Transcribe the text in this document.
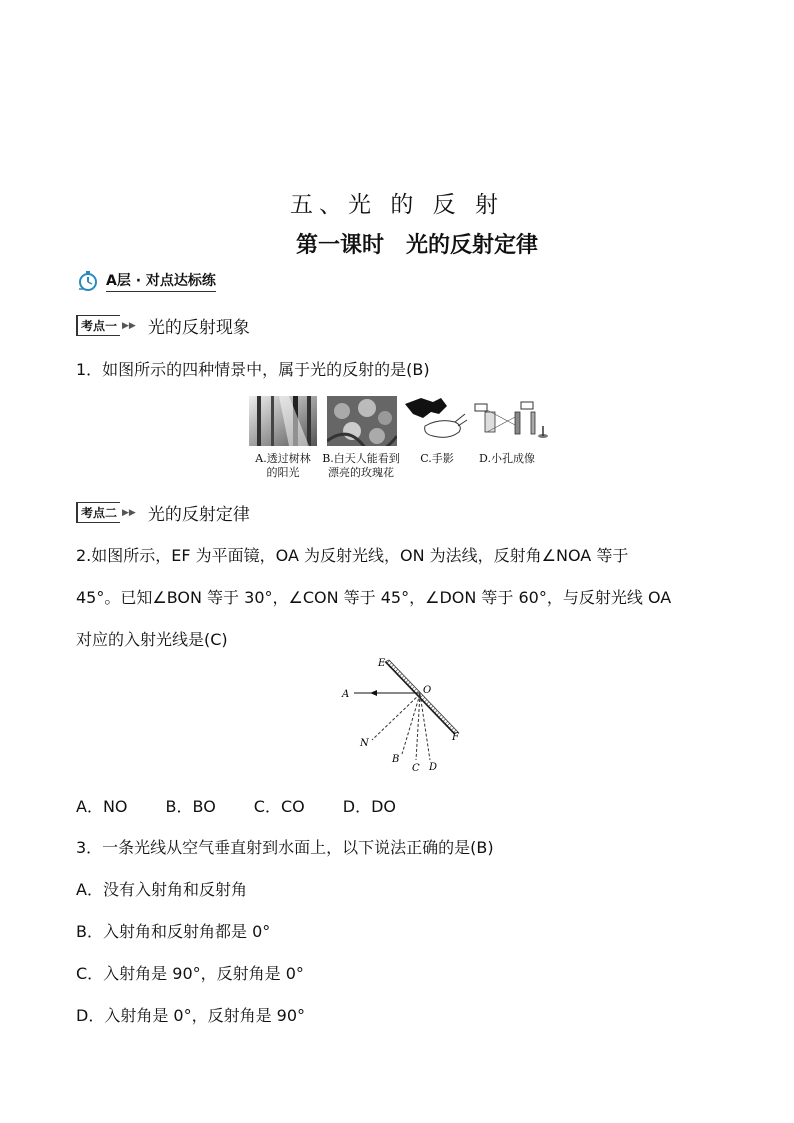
五、光 的 反 射
第一课时 光的反射定律
A层 · 对点达标练
考点一 ▶▶ 光的反射现象
1．如图所示的四种情景中，属于光的反射的是(B)
A.透过树林
的阳光
B.白天人能看到
漂亮的玫瑰花
C.手影	D.小孔成像
考点二 ▶▶ 光的反射定律
2.如图所示，EF 为平面镜，OA 为反射光线，ON 为法线，反射角∠NOA 等于
45°。已知∠BON 等于 30°，∠CON 等于 45°，∠DON 等于 60°，与反射光线 OA
对应的入射光线是(C)
E
O
A
N
F
B
C D
A．NO B．BO C．CO D．DO
3．一条光线从空气垂直射到水面上，以下说法正确的是(B)
A．没有入射角和反射角
B．入射角和反射角都是 0°
C．入射角是 90°，反射角是 0°
D．入射角是 0°，反射角是 90°
